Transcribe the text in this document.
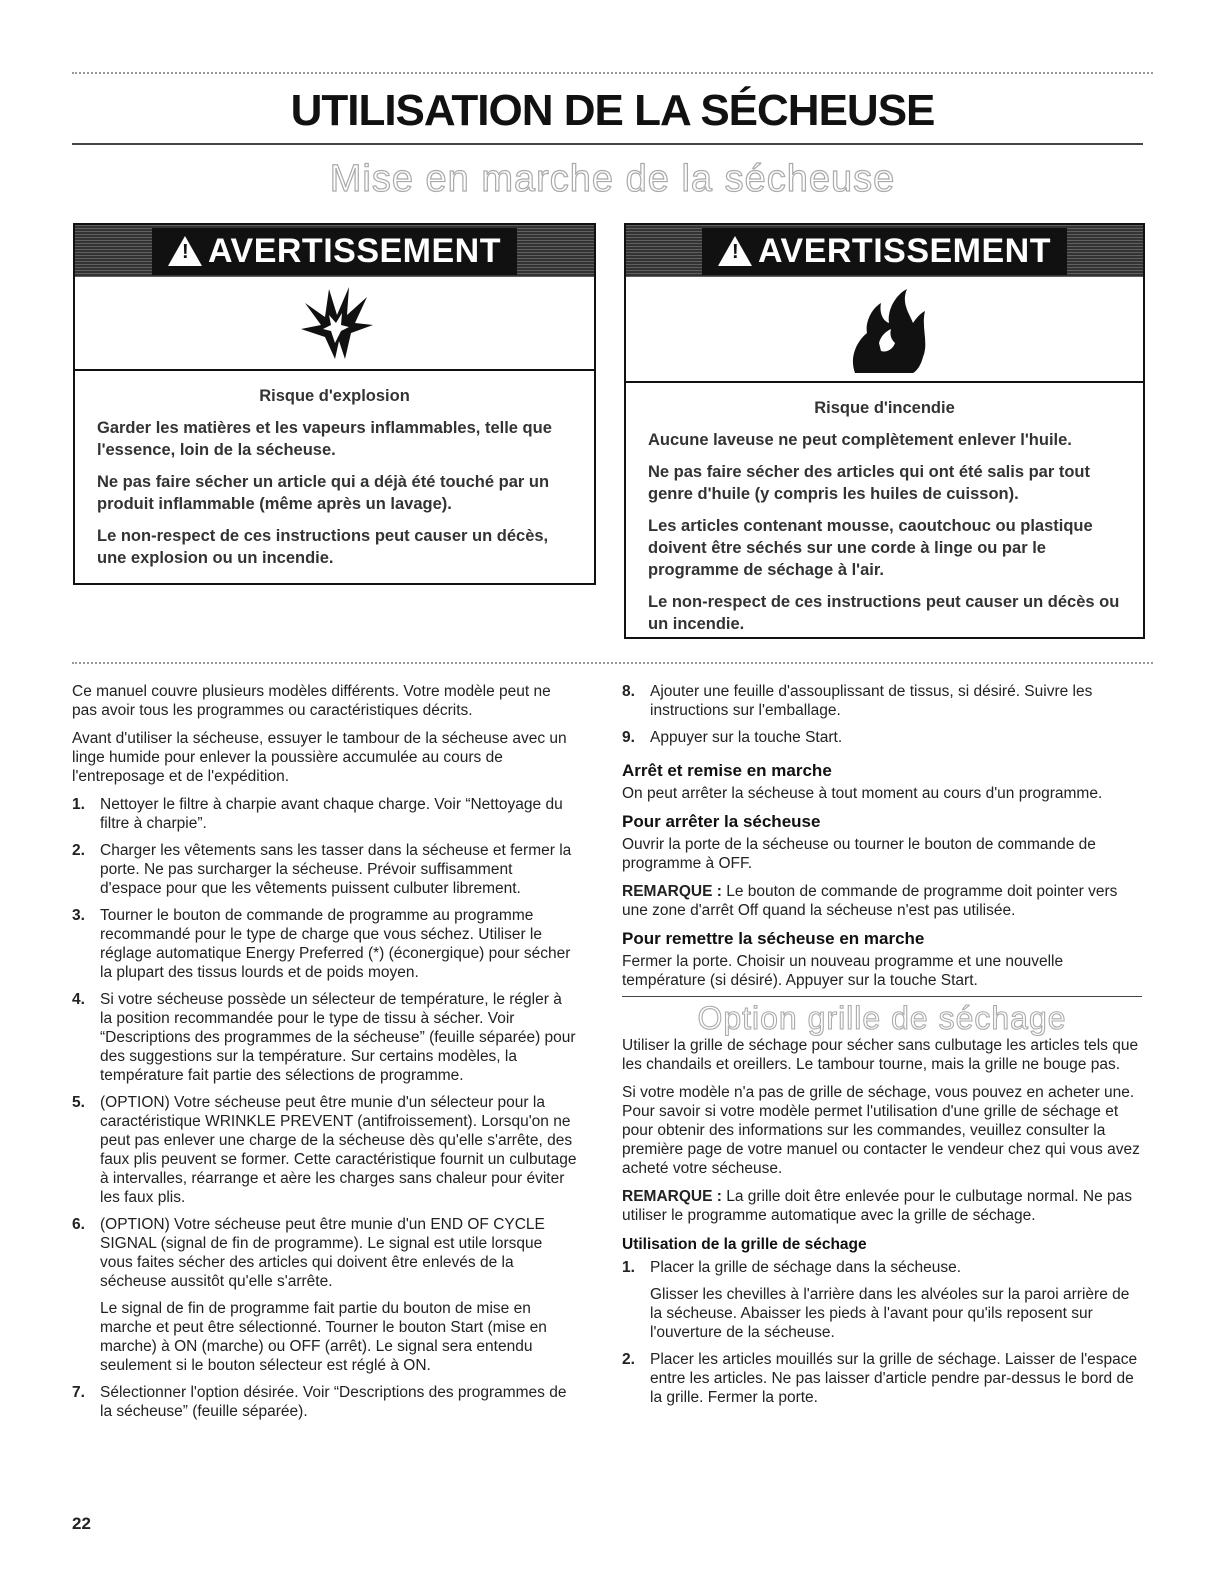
UTILISATION DE LA SÉCHEUSE
Mise en marche de la sécheuse
! AVERTISSEMENT
Risque d'explosion

Garder les matières et les vapeurs inflammables, telle que l'essence, loin de la sécheuse.

Ne pas faire sécher un article qui a déjà été touché par un produit inflammable (même après un lavage).

Le non-respect de ces instructions peut causer un décès, une explosion ou un incendie.

! AVERTISSEMENT
Risque d'incendie

Aucune laveuse ne peut complètement enlever l'huile.

Ne pas faire sécher des articles qui ont été salis par tout genre d'huile (y compris les huiles de cuisson).

Les articles contenant mousse, caoutchouc ou plastique doivent être séchés sur une corde à linge ou par le programme de séchage à l'air.

Le non-respect de ces instructions peut causer un décès ou un incendie.

Ce manuel couvre plusieurs modèles différents. Votre modèle peut ne pas avoir tous les programmes ou caractéristiques décrits.

Avant d'utiliser la sécheuse, essuyer le tambour de la sécheuse avec un linge humide pour enlever la poussière accumulée au cours de l'entreposage et de l'expédition.

1. Nettoyer le filtre à charpie avant chaque charge. Voir “Nettoyage du filtre à charpie”.
2. Charger les vêtements sans les tasser dans la sécheuse et fermer la porte. Ne pas surcharger la sécheuse. Prévoir suffisamment d'espace pour que les vêtements puissent culbuter librement.
3. Tourner le bouton de commande de programme au programme recommandé pour le type de charge que vous séchez. Utiliser le réglage automatique Energy Preferred (*) (éconergique) pour sécher la plupart des tissus lourds et de poids moyen.
4. Si votre sécheuse possède un sélecteur de température, le régler à la position recommandée pour le type de tissu à sécher. Voir “Descriptions des programmes de la sécheuse” (feuille séparée) pour des suggestions sur la température. Sur certains modèles, la température fait partie des sélections de programme.
5. (OPTION) Votre sécheuse peut être munie d'un sélecteur pour la caractéristique WRINKLE PREVENT (antifroissement). Lorsqu'on ne peut pas enlever une charge de la sécheuse dès qu'elle s'arrête, des faux plis peuvent se former. Cette caractéristique fournit un culbutage à intervalles, réarrange et aère les charges sans chaleur pour éviter les faux plis.
6. (OPTION) Votre sécheuse peut être munie d'un END OF CYCLE SIGNAL (signal de fin de programme). Le signal est utile lorsque vous faites sécher des articles qui doivent être enlevés de la sécheuse aussitôt qu'elle s'arrête.

Le signal de fin de programme fait partie du bouton de mise en marche et peut être sélectionné. Tourner le bouton Start (mise en marche) à ON (marche) ou OFF (arrêt). Le signal sera entendu seulement si le bouton sélecteur est réglé à ON.

7. Sélectionner l'option désirée. Voir “Descriptions des programmes de la sécheuse” (feuille séparée).
8. Ajouter une feuille d'assouplissant de tissus, si désiré. Suivre les instructions sur l'emballage.
9. Appuyer sur la touche Start.
Arrêt et remise en marche

On peut arrêter la sécheuse à tout moment au cours d'un programme.

Pour arrêter la sécheuse

Ouvrir la porte de la sécheuse ou tourner le bouton de commande de programme à OFF.

REMARQUE : Le bouton de commande de programme doit pointer vers une zone d'arrêt Off quand la sécheuse n'est pas utilisée.

Pour remettre la sécheuse en marche

Fermer la porte. Choisir un nouveau programme et une nouvelle température (si désiré). Appuyer sur la touche Start.

Option grille de séchage

Utiliser la grille de séchage pour sécher sans culbutage les articles tels que les chandails et oreillers. Le tambour tourne, mais la grille ne bouge pas.

Si votre modèle n'a pas de grille de séchage, vous pouvez en acheter une. Pour savoir si votre modèle permet l'utilisation d'une grille de séchage et pour obtenir des informations sur les commandes, veuillez consulter la première page de votre manuel ou contacter le vendeur chez qui vous avez acheté votre sécheuse.

REMARQUE : La grille doit être enlevée pour le culbutage normal. Ne pas utiliser le programme automatique avec la grille de séchage.

Utilisation de la grille de séchage
1. Placer la grille de séchage dans la sécheuse.

Glisser les chevilles à l'arrière dans les alvéoles sur la paroi arrière de la sécheuse. Abaisser les pieds à l'avant pour qu'ils reposent sur l'ouverture de la sécheuse.

2. Placer les articles mouillés sur la grille de séchage. Laisser de l'espace entre les articles. Ne pas laisser d'article pendre par-dessus le bord de la grille. Fermer la porte.
22
